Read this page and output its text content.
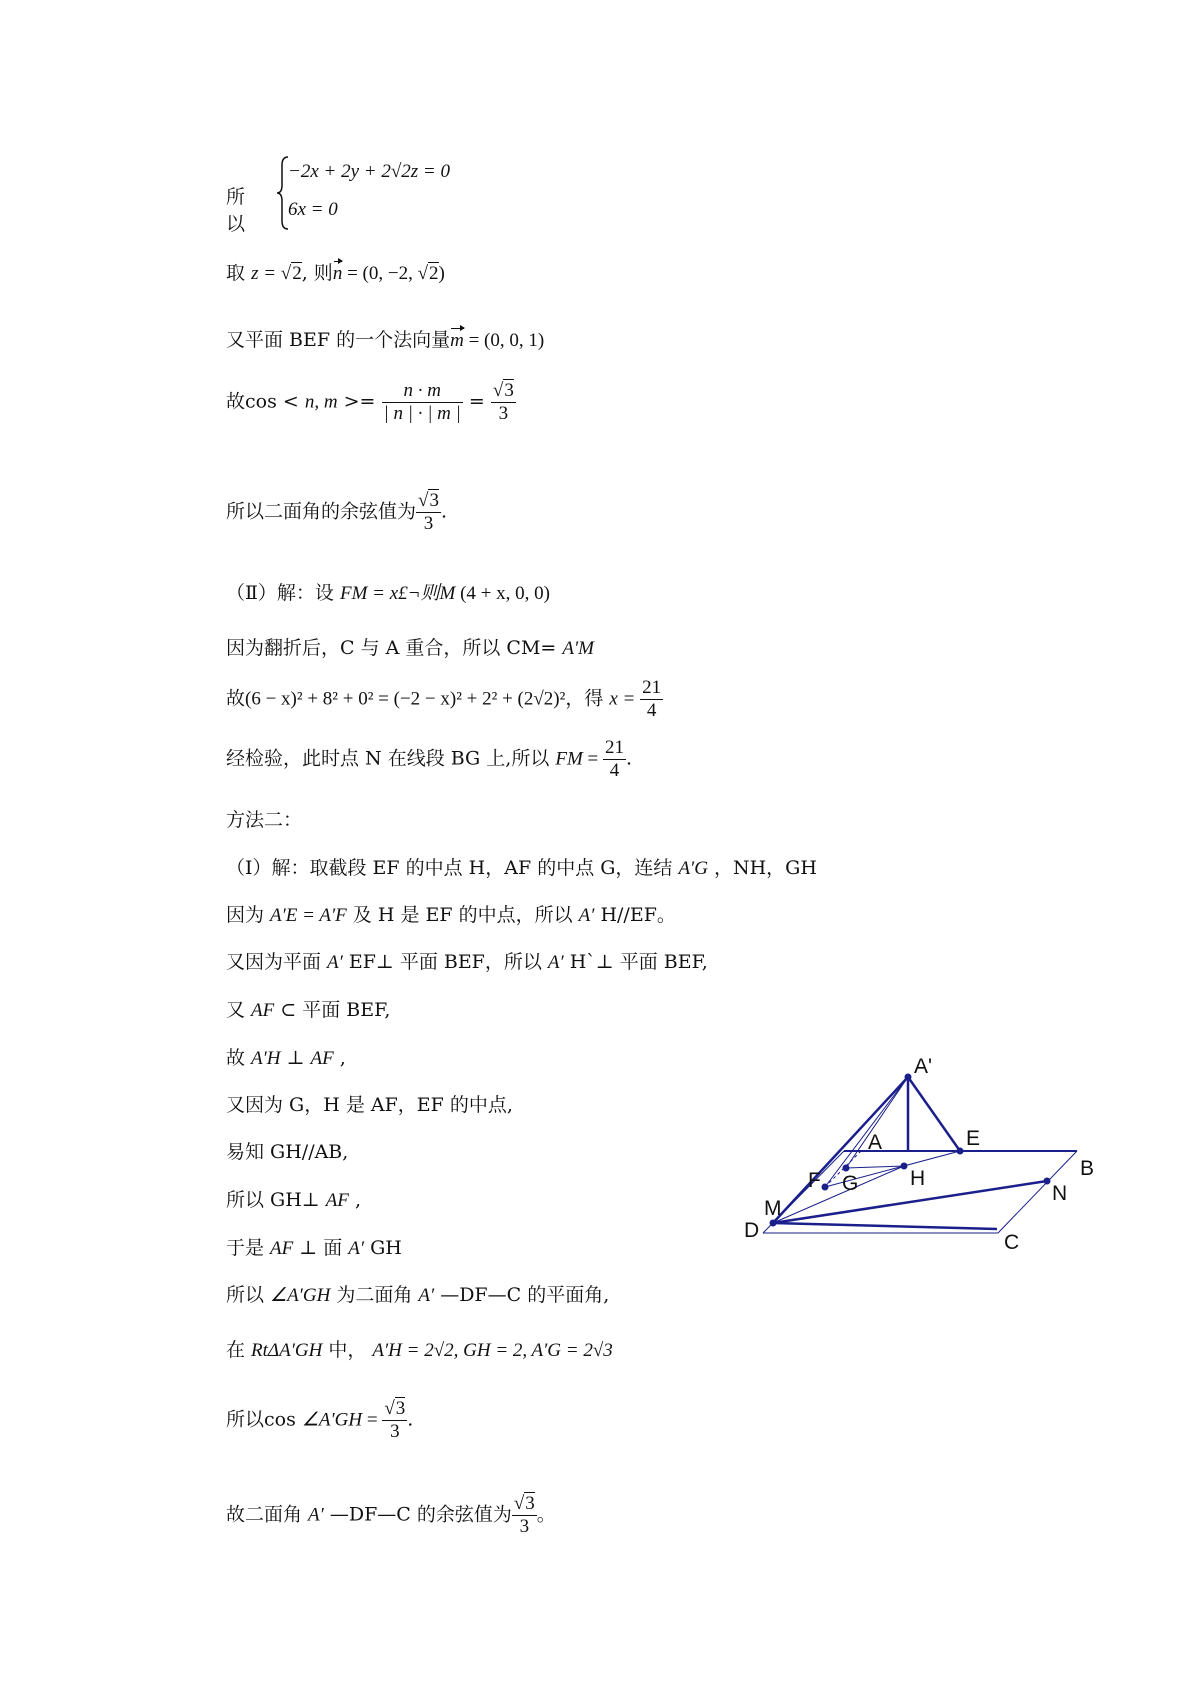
所以
−2x + 2y + 2√2z = 0
6x = 0
取 z = √2, 则n = (0, −2, √2)
又平面 BEF 的一个法向量m = (0, 0, 1)
故cos < n, $m >= \frac{n \cdot m}{| n | \cdot | m |} = \frac{√3}{3}$
所以二面角的余弦值为 $\frac{√3}{3}$ .
（Ⅱ）解：设 FM = x£¬则M (4 + x, 0, 0)
因为翻折后，C 与 A 重合，所以 CM= A′M
故(6 − x)² + 8² + 0² = (−2 − x)² + 2² + (2√2)²，得 $x = \frac{21}{4}$
经检验，此时点 N 在线段 BG 上,所以 FM = $\frac{21}{4}$ .
方法二：
（Ⅰ）解：取截段 EF 的中点 H，AF 的中点 G，连结 A′G ，NH，GH
因为 A′E = A′F 及 H 是 EF 的中点，所以 A′ H//EF。
又因为平面 A′ EF⊥ 平面 BEF，所以 A′ H`⊥ 平面 BEF,
又 AF ⊂ 平面 BEF,
故 A′H ⊥ AF ,
又因为 G，H 是 AF，EF 的中点,
易知 GH//AB,
所以 GH⊥ AF ,
于是 AF ⊥ 面 A′ GH
所以 ∠A′GH 为二面角 A′ —DF—C 的平面角,
在 RtΔA′GH 中， A′H = 2√2, GH = 2, A′G = 2√3
所以cos ∠A′GH = $\frac{√3}{3}$ .
故二面角 A′ —DF—C 的余弦值为 $\frac{√3}{3}$ 。
A'
A	E
B
F G H
N
M
D
C
